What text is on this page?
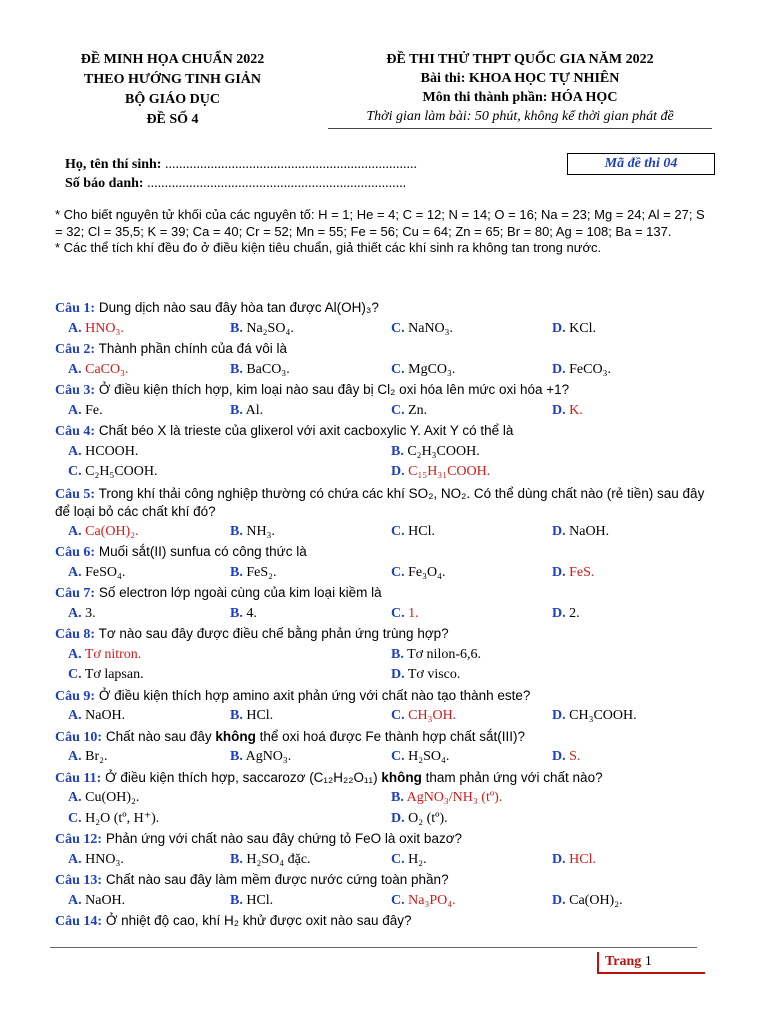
ĐỀ MINH HỌA CHUẨN 2022
THEO HƯỚNG TINH GIẢN
BỘ GIÁO DỤC
ĐỀ SỐ 4
ĐỀ THI THỬ THPT QUỐC GIA NĂM 2022
Bài thi: KHOA HỌC TỰ NHIÊN
Môn thi thành phần: HÓA HỌC
Thời gian làm bài: 50 phút, không kể thời gian phát đề
Họ, tên thí sinh: ........................................................................
Số báo danh: ..........................................................................
Mã đề thi 04
* Cho biết nguyên tử khối của các nguyên tố: H = 1; He = 4; C = 12; N = 14; O = 16; Na = 23; Mg = 24; Al = 27; S = 32; Cl = 35,5; K = 39; Ca = 40; Cr = 52; Mn = 55; Fe = 56; Cu = 64; Zn = 65; Br = 80; Ag = 108; Ba = 137.
* Các thể tích khí đều đo ở điều kiện tiêu chuẩn, giả thiết các khí sinh ra không tan trong nước.
Câu 1: Dung dịch nào sau đây hòa tan được Al(OH)₃?
A. HNO₃.	B. Na₂SO₄.	C. NaNO₃.	D. KCl.
Câu 2: Thành phần chính của đá vôi là
A. CaCO₃.	B. BaCO₃.	C. MgCO₃.	D. FeCO₃.
Câu 3: Ở điều kiện thích hợp, kim loại nào sau đây bị Cl₂ oxi hóa lên mức oxi hóa +1?
A. Fe.	B. Al.	C. Zn.	D. K.
Câu 4: Chất béo X là trieste của glixerol với axit cacboxylic Y. Axit Y có thể là
A. HCOOH.	B. C₂H₃COOH.
C. C₂H₅COOH.	D. C₁₅H₃₁COOH.
Câu 5: Trong khí thải công nghiệp thường có chứa các khí SO₂, NO₂. Có thể dùng chất nào (rẻ tiền) sau đây để loại bỏ các chất khí đó?
A. Ca(OH)₂.	B. NH₃.	C. HCl.	D. NaOH.
Câu 6: Muối sắt(II) sunfua có công thức là
A. FeSO₄.	B. FeS₂.	C. Fe₃O₄.	D. FeS.
Câu 7: Số electron lớp ngoài cùng của kim loại kiềm là
A. 3.	B. 4.	C. 1.	D. 2.
Câu 8: Tơ nào sau đây được điều chế bằng phản ứng trùng hợp?
A. Tơ nitron.	B. Tơ nilon-6,6.
C. Tơ lapsan.	D. Tơ visco.
Câu 9: Ở điều kiện thích hợp amino axit phản ứng với chất nào tạo thành este?
A. NaOH.	B. HCl.	C. CH₃OH.	D. CH₃COOH.
Câu 10: Chất nào sau đây không thể oxi hoá được Fe thành hợp chất sắt(III)?
A. Br₂.	B. AgNO₃.	C. H₂SO₄.	D. S.
Câu 11: Ở điều kiện thích hợp, saccarozơ (C₁₂H₂₂O₁₁) không tham phản ứng với chất nào?
A. Cu(OH)₂.	B. AgNO₃/NH₃ (tº).
C. H₂O (tº, H⁺).	D. O₂ (tº).
Câu 12: Phản ứng với chất nào sau đây chứng tỏ FeO là oxit bazơ?
A. HNO₃.	B. H₂SO₄ đặc.	C. H₂.	D. HCl.
Câu 13: Chất nào sau đây làm mềm được nước cứng toàn phần?
A. NaOH.	B. HCl.	C. Na₃PO₄.	D. Ca(OH)₂.
Câu 14: Ở nhiệt độ cao, khí H₂ khử được oxit nào sau đây?
Trang 1
